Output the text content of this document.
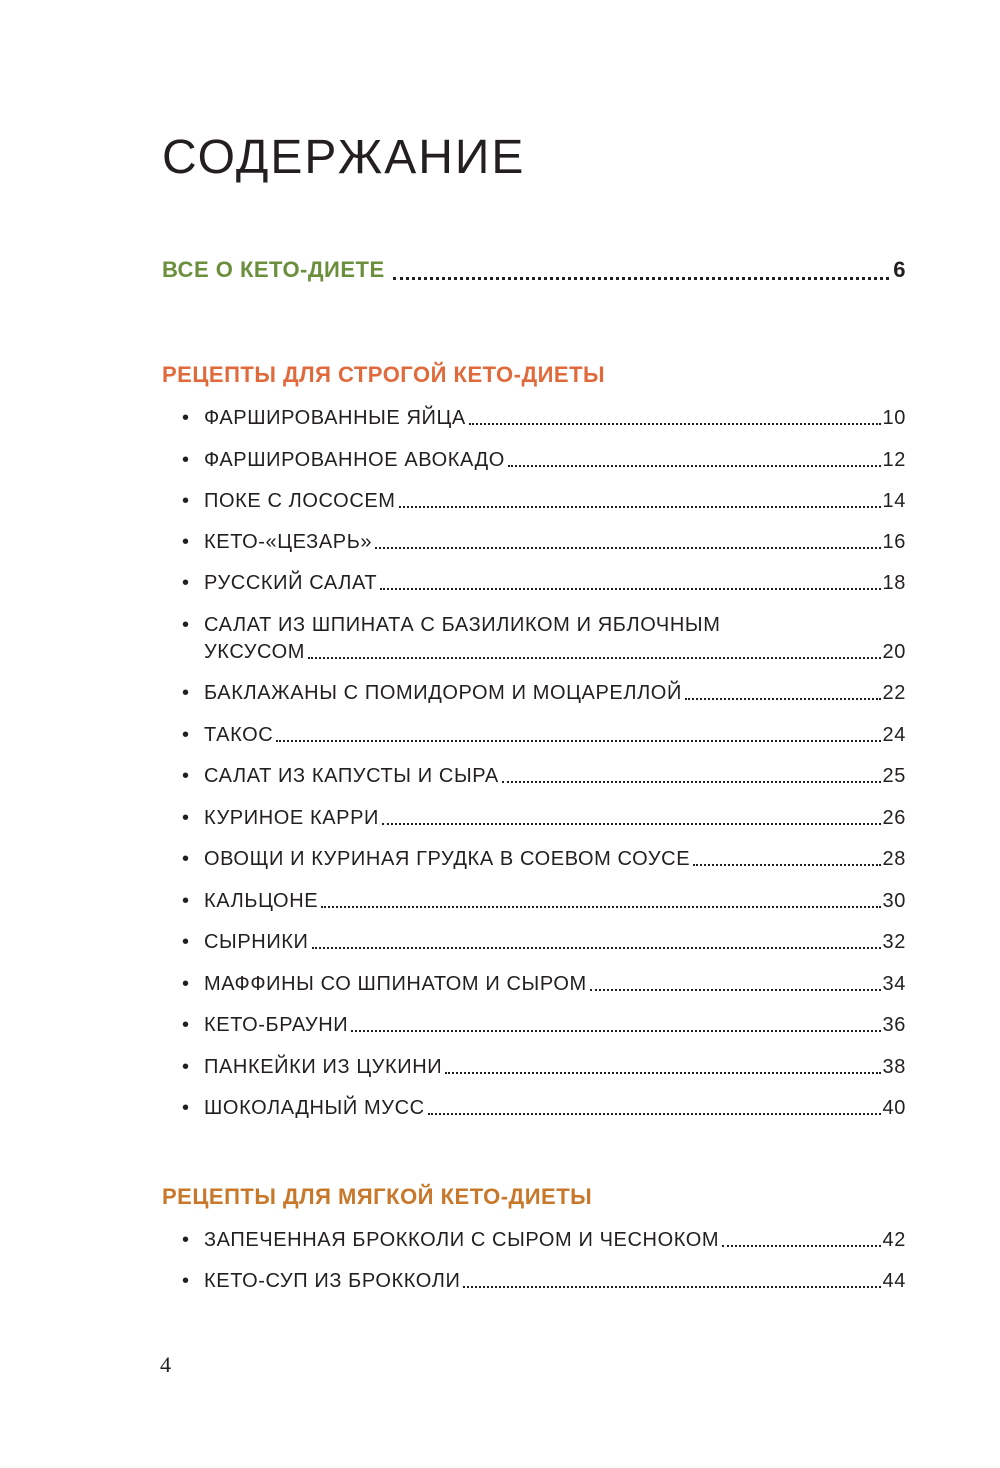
СОДЕРЖАНИЕ
ВСЕ О КЕТО-ДИЕТЕ	6
РЕЦЕПТЫ ДЛЯ СТРОГОЙ КЕТО-ДИЕТЫ
• ФАРШИРОВАННЫЕ ЯЙЦА	10
• ФАРШИРОВАННОЕ АВОКАДО	12
• ПОКЕ С ЛОСОСЕМ	14
• КЕТО-«ЦЕЗАРЬ»	16
• РУССКИЙ САЛАТ	18
• САЛАТ ИЗ ШПИНАТА С БАЗИЛИКОМ И ЯБЛОЧНЫМ
УКСУСОМ	20
• БАКЛАЖАНЫ С ПОМИДОРОМ И МОЦАРЕЛЛОЙ	22
• ТАКОС	24
• САЛАТ ИЗ КАПУСТЫ И СЫРА	25
• КУРИНОЕ КАРРИ	26
• ОВОЩИ И КУРИНАЯ ГРУДКА В СОЕВОМ СОУСЕ	28
• КАЛЬЦОНЕ	30
• СЫРНИКИ	32
• МАФФИНЫ СО ШПИНАТОМ И СЫРОМ	34
• КЕТО-БРАУНИ	36
• ПАНКЕЙКИ ИЗ ЦУКИНИ	38
• ШОКОЛАДНЫЙ МУСС	40
РЕЦЕПТЫ ДЛЯ МЯГКОЙ КЕТО-ДИЕТЫ
• ЗАПЕЧЕННАЯ БРОККОЛИ С СЫРОМ И ЧЕСНОКОМ	42
• КЕТО-СУП ИЗ БРОККОЛИ	44
4
